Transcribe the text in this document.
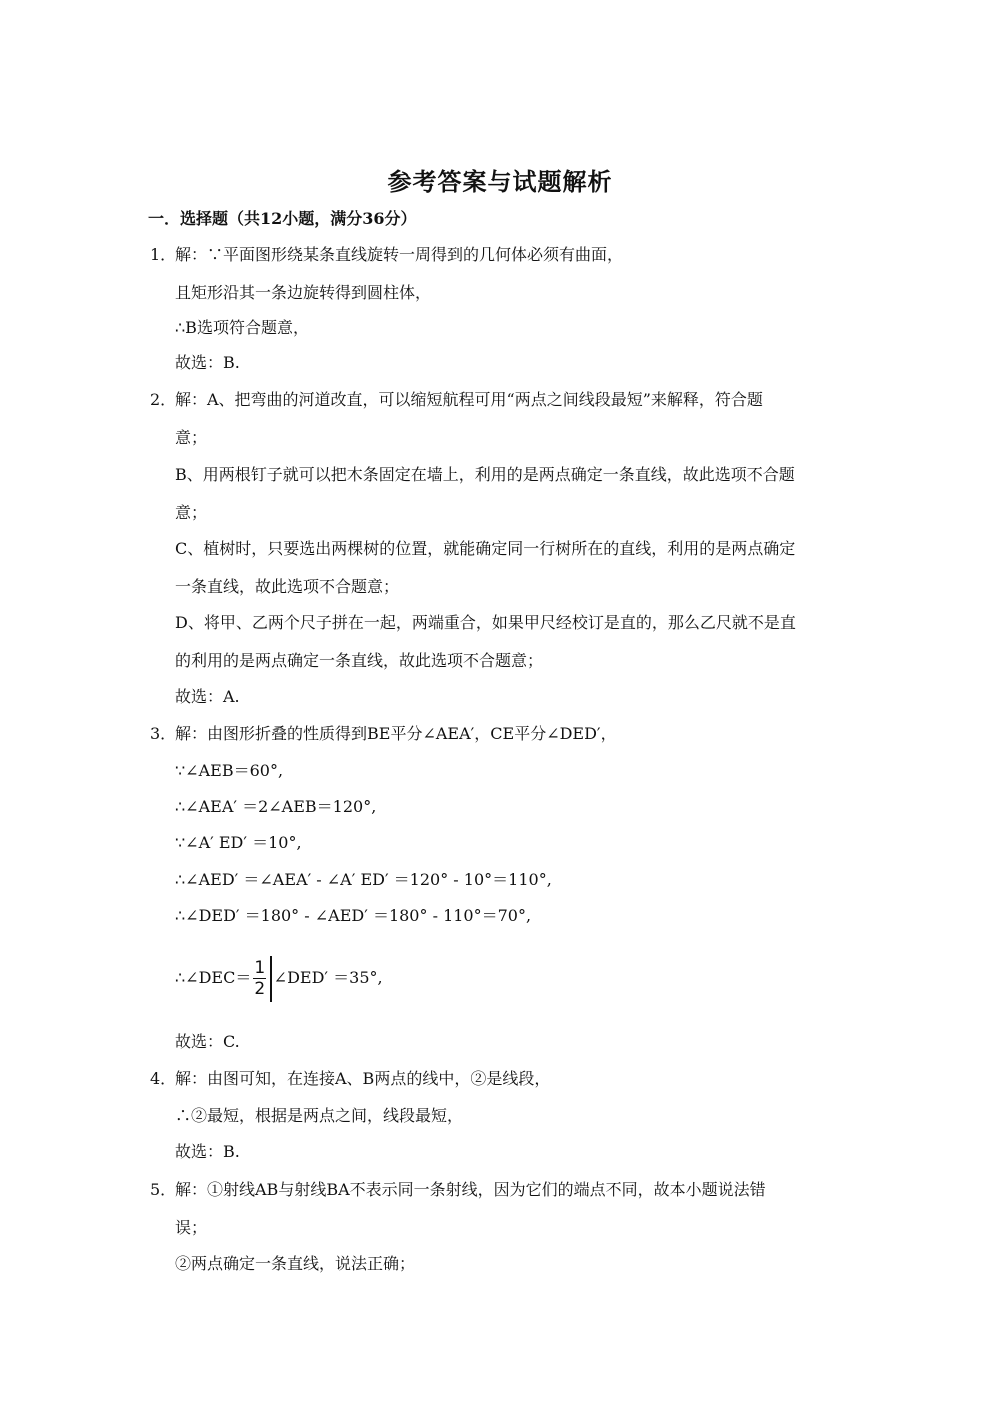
参考答案与试题解析
一．选择题（共12小题，满分36分）
1．
解：∵平面图形绕某条直线旋转一周得到的几何体必须有曲面，
且矩形沿其一条边旋转得到圆柱体，
∴B选项符合题意，
故选：B.
2．
解：A、把弯曲的河道改直，可以缩短航程可用“两点之间线段最短”来解释，符合题
意；
B、用两根钉子就可以把木条固定在墙上，利用的是两点确定一条直线，故此选项不合题
意；
C、植树时，只要选出两棵树的位置，就能确定同一行树所在的直线，利用的是两点确定
一条直线，故此选项不合题意；
D、将甲、乙两个尺子拼在一起，两端重合，如果甲尺经校订是直的，那么乙尺就不是直
的利用的是两点确定一条直线，故此选项不合题意；
故选：A.
3．
解：由图形折叠的性质得到BE平分∠AEA′，CE平分∠DED′，
∵∠AEB＝60°,
∴∠AEA′ ＝2∠AEB＝120°,
∵∠A′ ED′ ＝10°,
∴∠AED′ ＝∠AEA′ - ∠A′ ED′ ＝120° - 10°＝110°,
∴∠DED′ ＝180° - ∠AED′ ＝180° - 110°＝70°,
∴∠DEC＝ $\frac{1}{2}$ ∠DED′ ＝35°,
故选：C.
4．
解：由图可知，在连接A、B两点的线中，②是线段，
∴②最短，根据是两点之间，线段最短，
故选：B.
5．
解：①射线AB与射线BA不表示同一条射线，因为它们的端点不同，故本小题说法错
误；
②两点确定一条直线，说法正确；
